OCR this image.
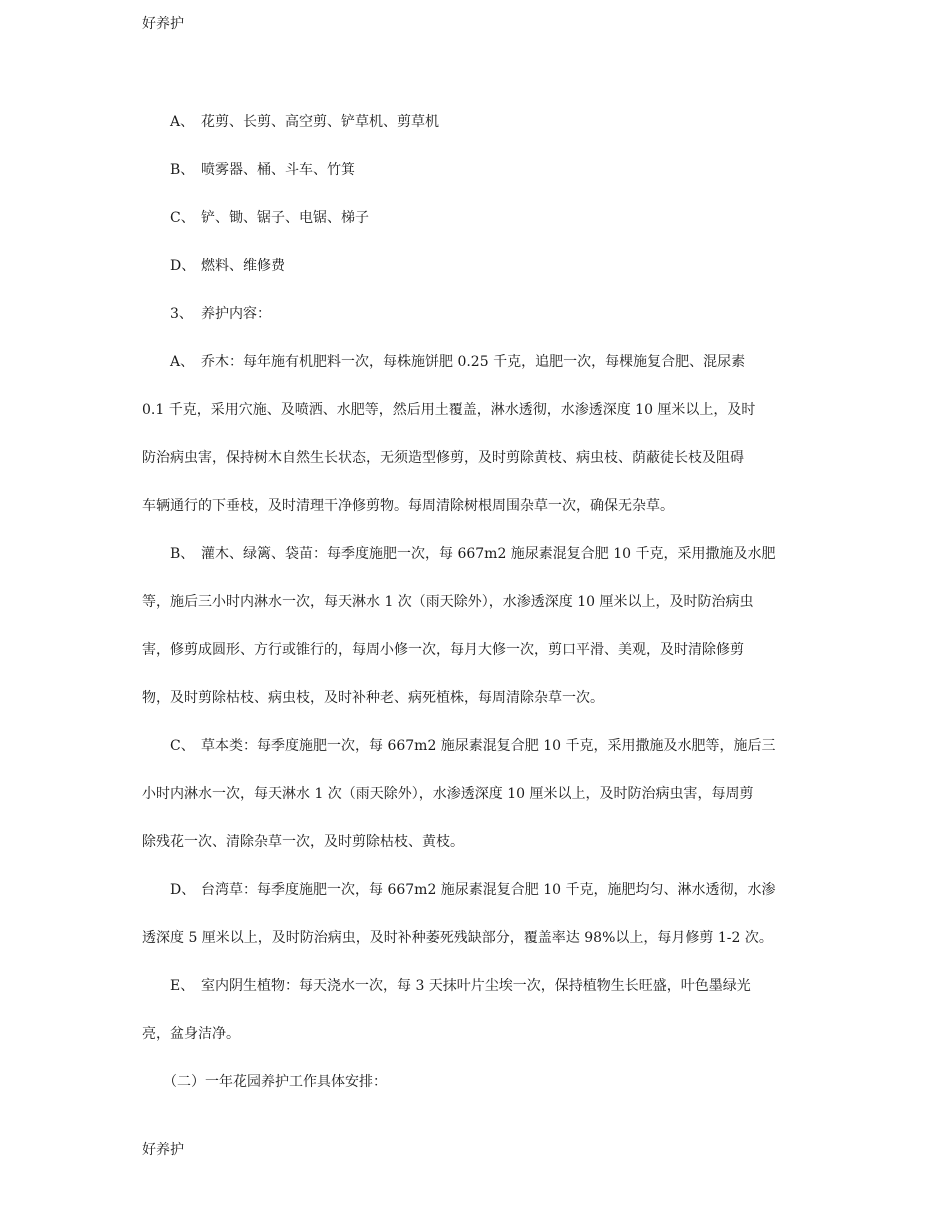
好养护
A、 花剪、长剪、高空剪、铲草机、剪草机
B、 喷雾器、桶、斗车、竹箕
C、 铲、锄、锯子、电锯、梯子
D、 燃料、维修费
3、 养护内容：
A、 乔木：每年施有机肥料一次，每株施饼肥 0.25 千克，追肥一次，每棵施复合肥、混尿素
0.1 千克，采用穴施、及喷洒、水肥等，然后用土覆盖，淋水透彻，水渗透深度 10 厘米以上，及时
防治病虫害，保持树木自然生长状态，无须造型修剪，及时剪除黄枝、病虫枝、荫蔽徒长枝及阻碍
车辆通行的下垂枝，及时清理干净修剪物。每周清除树根周围杂草一次，确保无杂草。
B、 灌木、绿篱、袋苗：每季度施肥一次，每 667m2 施尿素混复合肥 10 千克，采用撒施及水肥
等，施后三小时内淋水一次，每天淋水 1 次（雨天除外），水渗透深度 10 厘米以上，及时防治病虫
害，修剪成圆形、方行或锥行的，每周小修一次，每月大修一次，剪口平滑、美观，及时清除修剪
物，及时剪除枯枝、病虫枝，及时补种老、病死植株，每周清除杂草一次。
C、 草本类：每季度施肥一次，每 667m2 施尿素混复合肥 10 千克，采用撒施及水肥等，施后三
小时内淋水一次，每天淋水 1 次（雨天除外），水渗透深度 10 厘米以上，及时防治病虫害，每周剪
除残花一次、清除杂草一次，及时剪除枯枝、黄枝。
D、 台湾草：每季度施肥一次，每 667m2 施尿素混复合肥 10 千克，施肥均匀、淋水透彻，水渗
透深度 5 厘米以上，及时防治病虫，及时补种萎死残缺部分，覆盖率达 98%以上，每月修剪 1-2 次。
E、 室内阴生植物：每天浇水一次，每 3 天抹叶片尘埃一次，保持植物生长旺盛，叶色墨绿光
亮，盆身洁净。
（二）一年花园养护工作具体安排：
好养护
